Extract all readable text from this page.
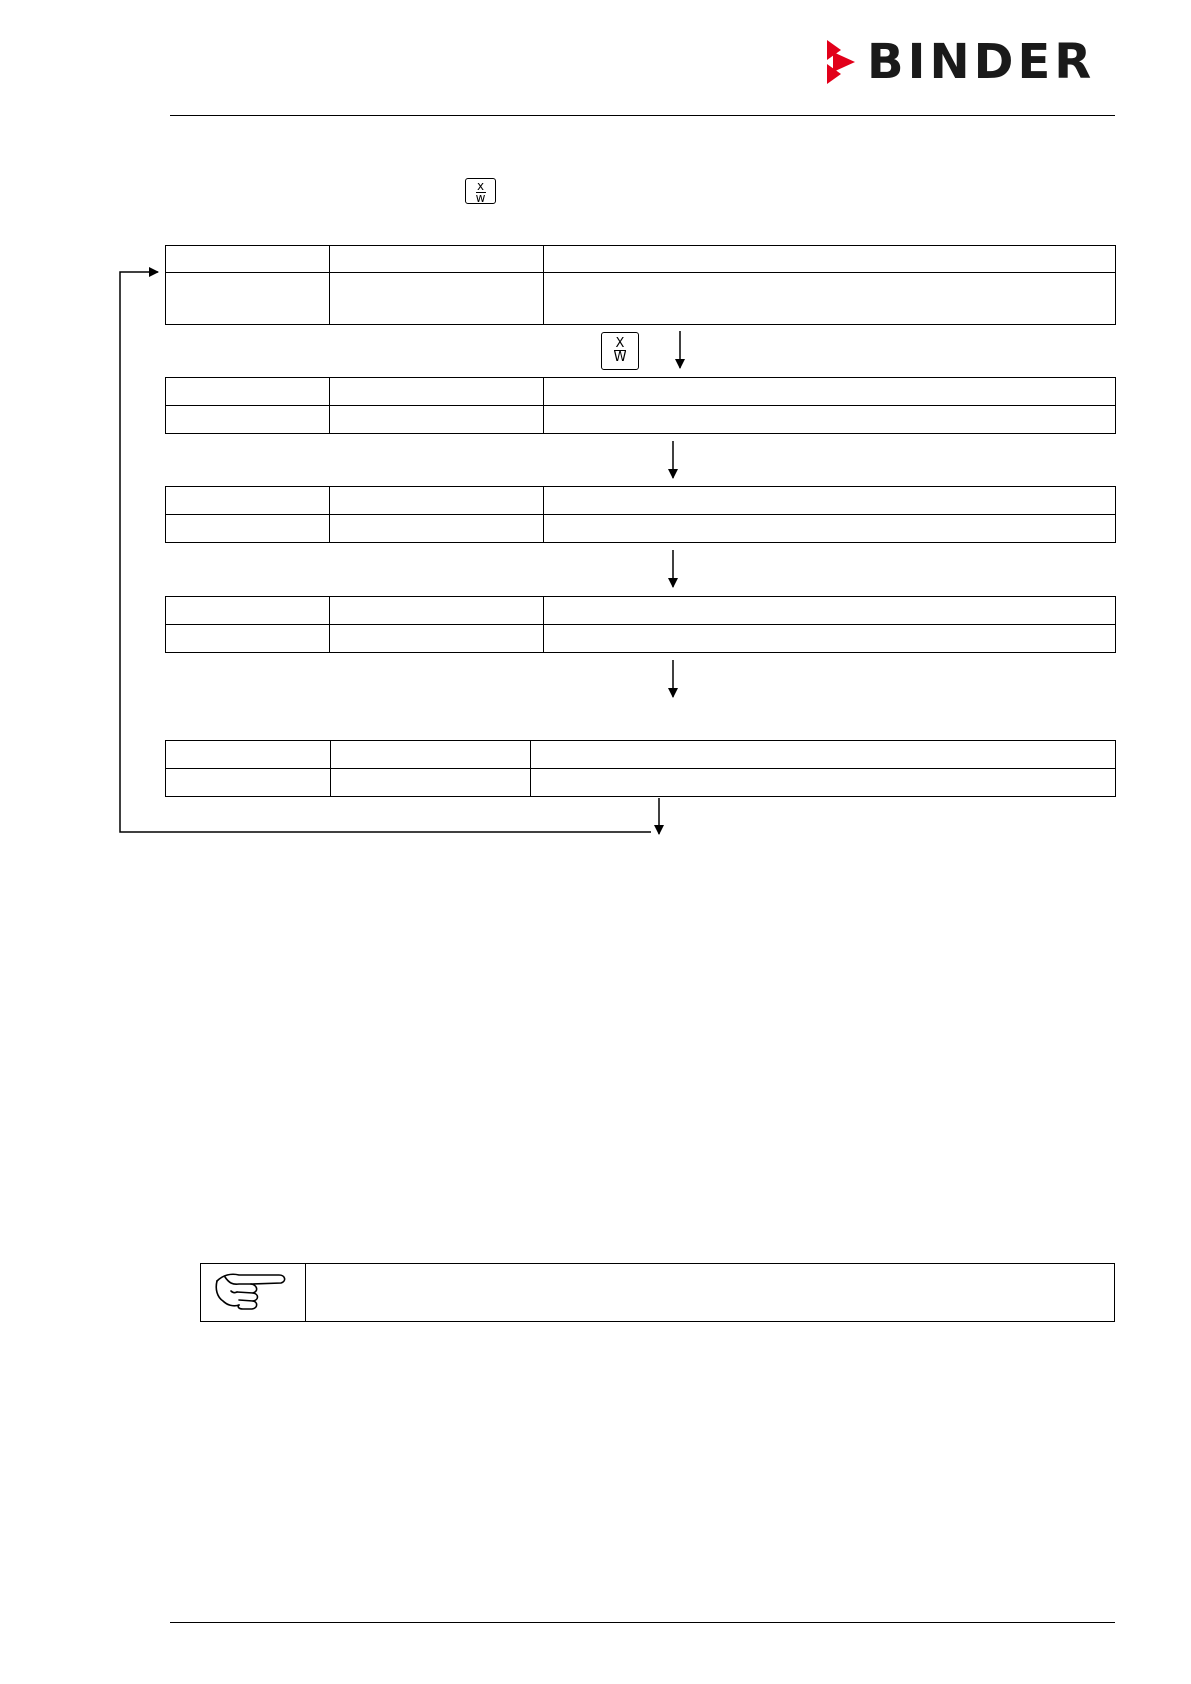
BINDER
x
w

X
W
